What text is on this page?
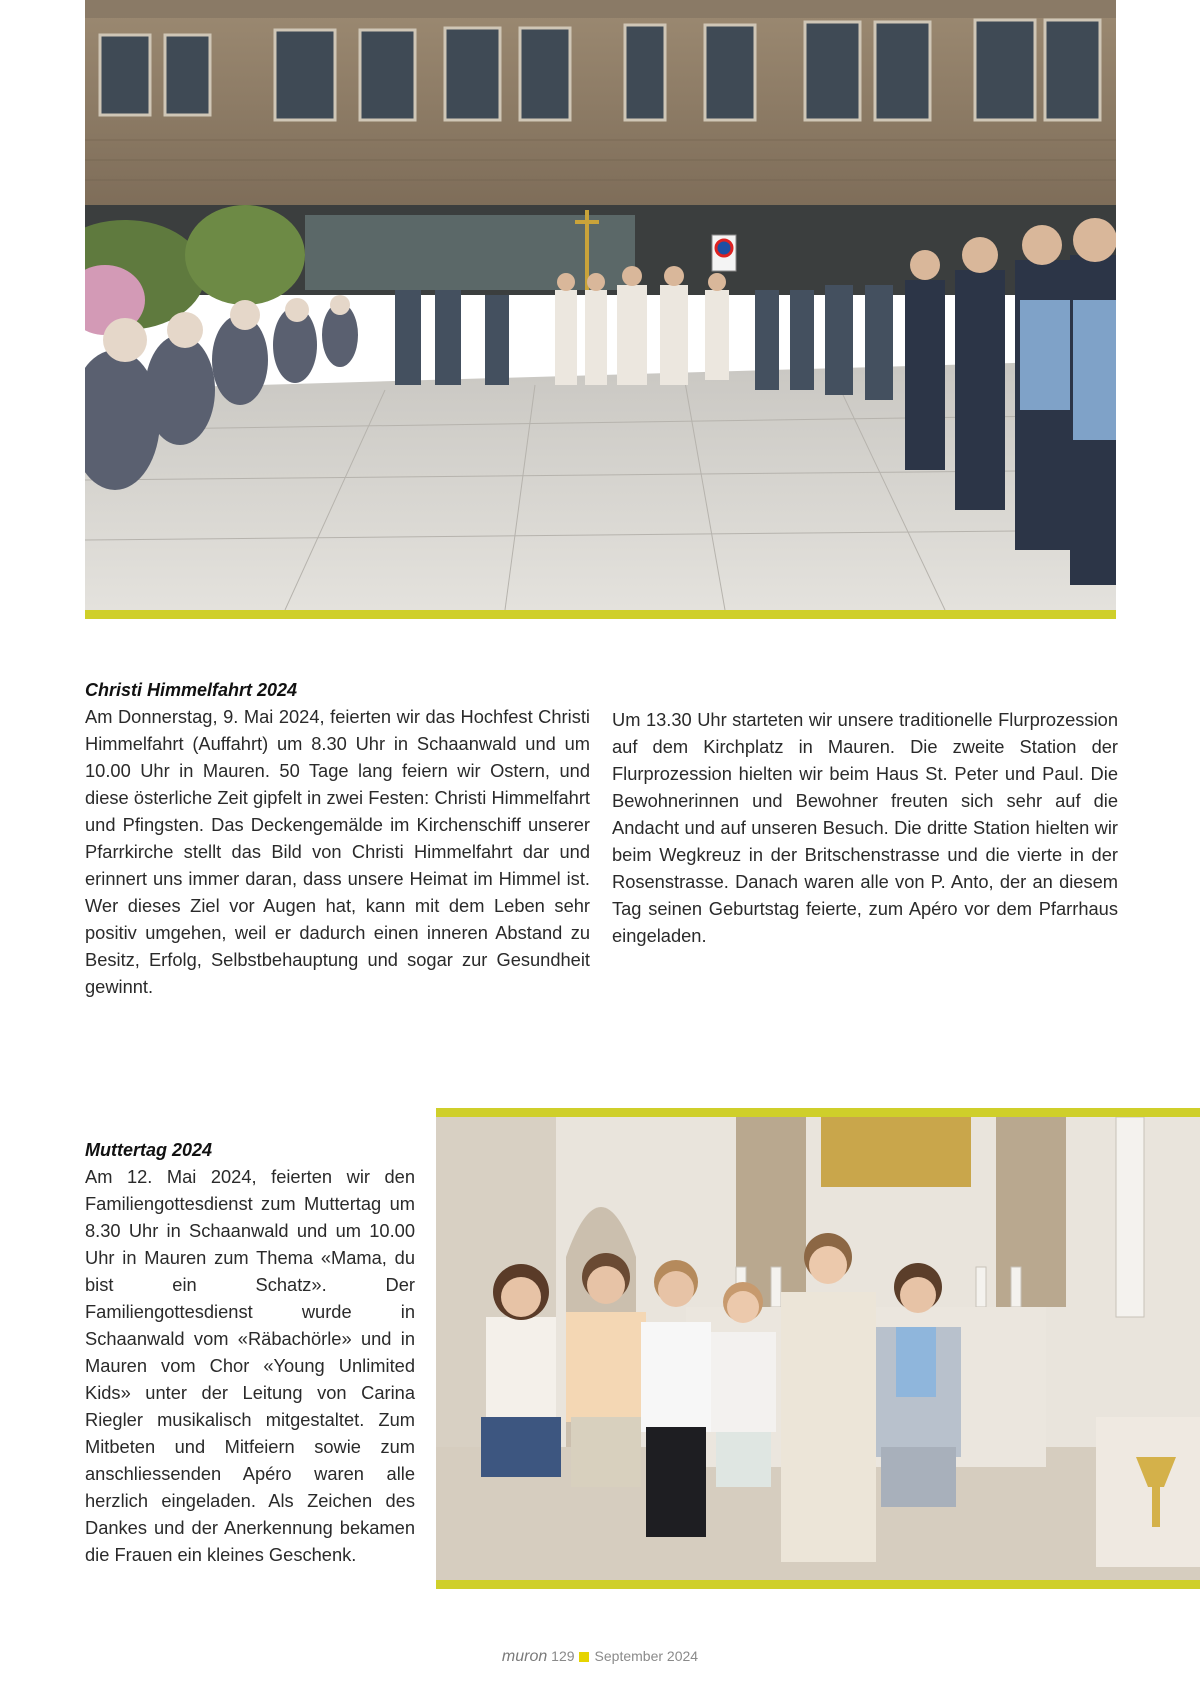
Christi Himmelfahrt 2024

Am Donnerstag, 9. Mai 2024, feierten wir das Hochfest Christi Himmelfahrt (Auffahrt) um 8.30 Uhr in Schaanwald und um 10.00 Uhr in Mauren. 50 Tage lang feiern wir Ostern, und diese österliche Zeit gipfelt in zwei Festen: Christi Himmelfahrt und Pfingsten. Das Deckengemälde im Kirchenschiff unserer Pfarrkirche stellt das Bild von Christi Himmelfahrt dar und erinnert uns immer daran, dass unsere Heimat im Himmel ist. Wer dieses Ziel vor Augen hat, kann mit dem Leben sehr positiv umgehen, weil er dadurch einen inneren Abstand zu Besitz, Erfolg, Selbstbehauptung und sogar zur Gesundheit gewinnt.

Um 13.30 Uhr starteten wir unsere traditionelle Flurprozession auf dem Kirchplatz in Mauren. Die zweite Station der Flurprozession hielten wir beim Haus St. Peter und Paul. Die Bewohnerinnen und Bewohner freuten sich sehr auf die Andacht und auf unseren Besuch. Die dritte Station hielten wir beim Wegkreuz in der Britschenstrasse und die vierte in der Rosenstrasse. Danach waren alle von P. Anto, der an diesem Tag seinen Geburtstag feierte, zum Apéro vor dem Pfarrhaus eingeladen.

Muttertag 2024

Am 12. Mai 2024, feierten wir den Familiengottesdienst zum Muttertag um 8.30 Uhr in Schaanwald und um 10.00 Uhr in Mauren zum Thema «Mama, du bist ein Schatz». Der Familiengottesdienst wurde in Schaanwald vom «Räbachörle» und in Mauren vom Chor «Young Unlimited Kids» unter der Leitung von Carina Riegler musikalisch mitgestaltet. Zum Mitbeten und Mitfeiern sowie zum anschliessenden Apéro waren alle herzlich eingeladen. Als Zeichen des Dankes und der Anerkennung bekamen die Frauen ein kleines Geschenk.

muron 129 September 2024
